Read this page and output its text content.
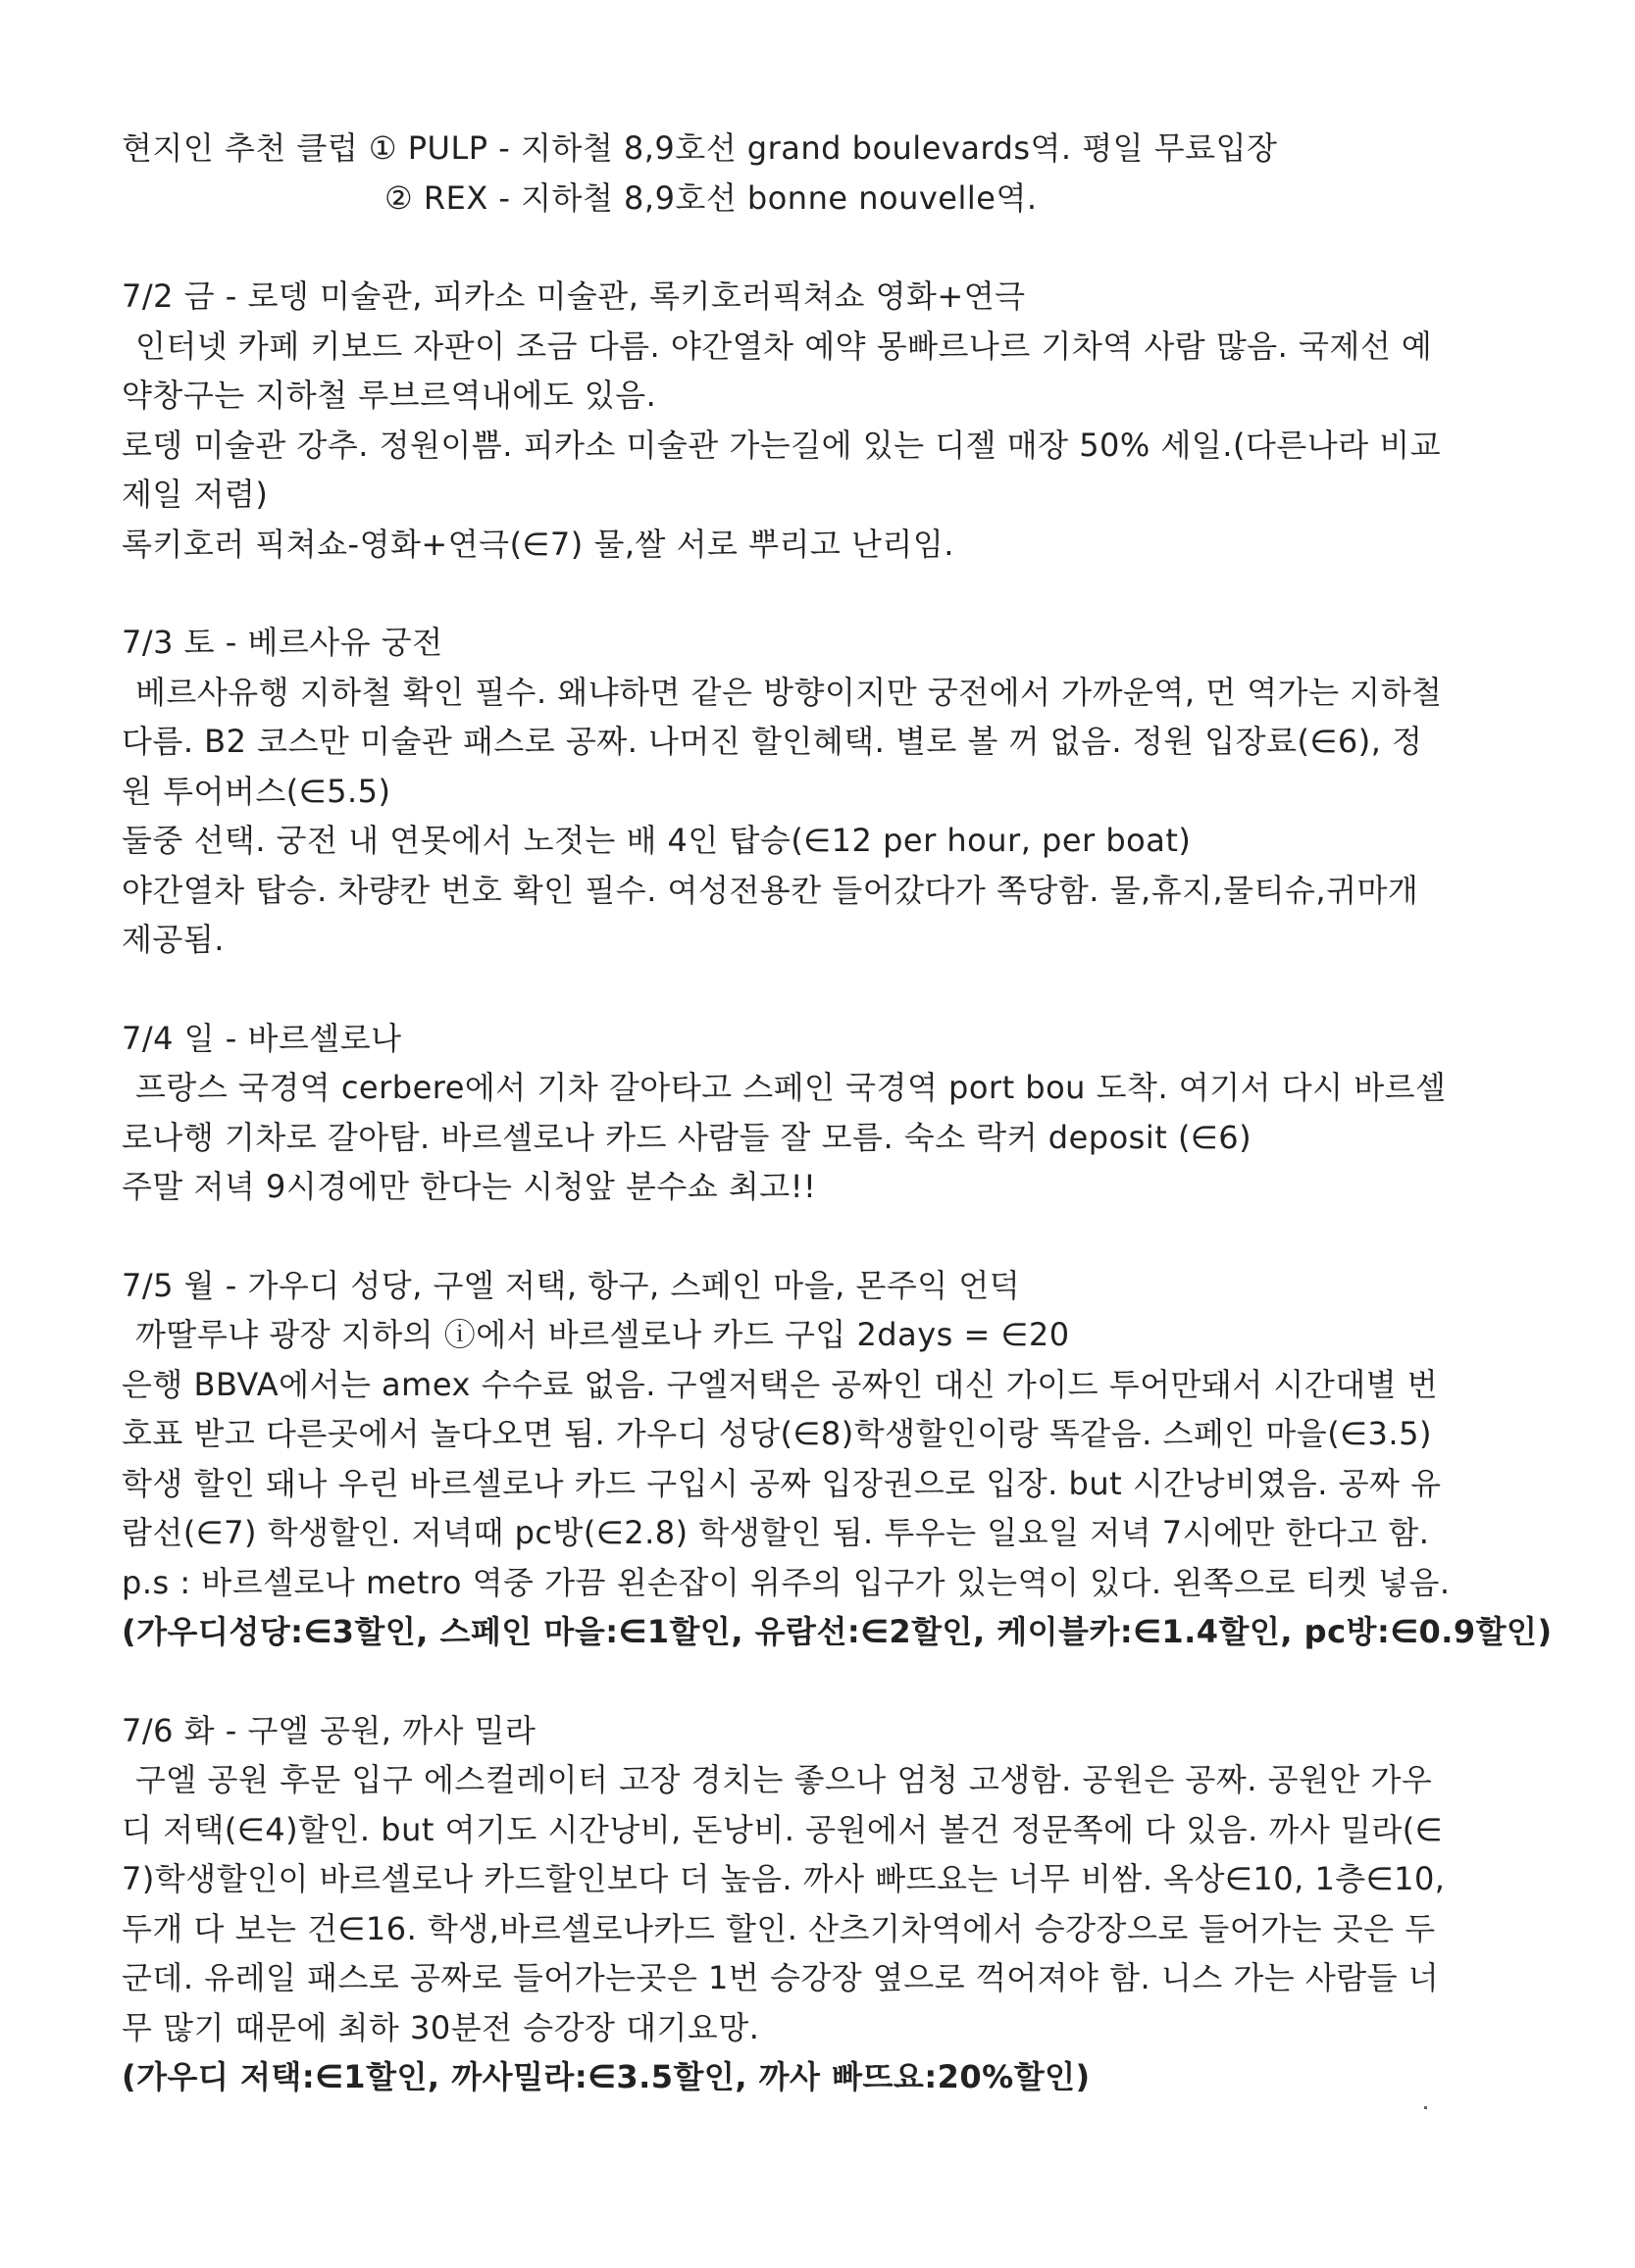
현지인 추천 클럽 ① PULP - 지하철 8,9호선 grand boulevards역. 평일 무료입장

② REX - 지하철 8,9호선 bonne nouvelle역.

7/2 금 - 로뎅 미술관, 피카소 미술관, 록키호러픽쳐쇼 영화+연극

인터넷 카페 키보드 자판이 조금 다름. 야간열차 예약 몽빠르나르 기차역 사람 많음. 국제선 예

약창구는 지하철 루브르역내에도 있음.

로뎅 미술관 강추. 정원이쁨. 피카소 미술관 가는길에 있는 디젤 매장 50% 세일.(다른나라 비교

제일 저렴)

록키호러 픽쳐쇼-영화+연극(∈7) 물,쌀 서로 뿌리고 난리임.

7/3 토 - 베르사유 궁전

베르사유행 지하철 확인 필수. 왜냐하면 같은 방향이지만 궁전에서 가까운역, 먼 역가는 지하철

다름. B2 코스만 미술관 패스로 공짜. 나머진 할인혜택. 별로 볼 꺼 없음. 정원 입장료(∈6), 정

원 투어버스(∈5.5)

둘중 선택. 궁전 내 연못에서 노젓는 배 4인 탑승(∈12 per hour, per boat)

야간열차 탑승. 차량칸 번호 확인 필수. 여성전용칸 들어갔다가 쪽당함. 물,휴지,물티슈,귀마개

제공됨.

7/4 일 - 바르셀로나

프랑스 국경역 cerbere에서 기차 갈아타고 스페인 국경역 port bou 도착. 여기서 다시 바르셀

로나행 기차로 갈아탐. 바르셀로나 카드 사람들 잘 모름. 숙소 락커 deposit (∈6)

주말 저녁 9시경에만 한다는 시청앞 분수쇼 최고!!

7/5 월 - 가우디 성당, 구엘 저택, 항구, 스페인 마을, 몬주익 언덕

까딸루냐 광장 지하의 ⓘ에서 바르셀로나 카드 구입 2days = ∈20

은행 BBVA에서는 amex 수수료 없음. 구엘저택은 공짜인 대신 가이드 투어만돼서 시간대별 번

호표 받고 다른곳에서 놀다오면 됨. 가우디 성당(∈8)학생할인이랑 똑같음. 스페인 마을(∈3.5)

학생 할인 돼나 우린 바르셀로나 카드 구입시 공짜 입장권으로 입장. but 시간낭비였음. 공짜 유

람선(∈7) 학생할인. 저녁때 pc방(∈2.8) 학생할인 됨. 투우는 일요일 저녁 7시에만 한다고 함.

p.s : 바르셀로나 metro 역중 가끔 왼손잡이 위주의 입구가 있는역이 있다. 왼쪽으로 티켓 넣음.

(가우디성당:∈3할인, 스페인 마을:∈1할인, 유람선:∈2할인, 케이블카:∈1.4할인, pc방:∈0.9할인)

7/6 화 - 구엘 공원, 까사 밀라

구엘 공원 후문 입구 에스컬레이터 고장 경치는 좋으나 엄청 고생함. 공원은 공짜. 공원안 가우

디 저택(∈4)할인. but 여기도 시간낭비, 돈낭비. 공원에서 볼건 정문쪽에 다 있음. 까사 밀라(∈

7)학생할인이 바르셀로나 카드할인보다 더 높음. 까사 빠뜨요는 너무 비쌈. 옥상∈10, 1층∈10,

두개 다 보는 건∈16. 학생,바르셀로나카드 할인. 산츠기차역에서 승강장으로 들어가는 곳은 두

군데. 유레일 패스로 공짜로 들어가는곳은 1번 승강장 옆으로 꺽어져야 함. 니스 가는 사람들 너

무 많기 때문에 최하 30분전 승강장 대기요망.

(가우디 저택:∈1할인, 까사밀라:∈3.5할인, 까사 빠뜨요:20%할인)
